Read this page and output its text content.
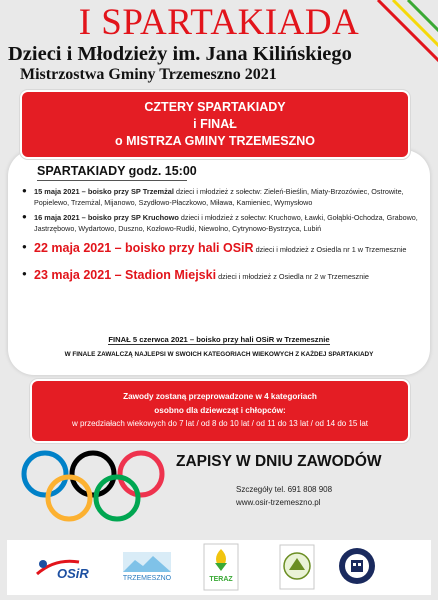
I SPARTAKIADA
Dzieci i Młodzieży im. Jana Kilińskiego
Mistrzostwa Gminy Trzemeszno 2021
CZTERY SPARTAKIADY
i FINAŁ
o MISTRZA GMINY TRZEMESZNO
SPARTAKIADY godz. 15:00
● 15 maja 2021 – boisko przy SP Trzemżal dzieci i młodzież z sołectw: Zieleń-Bieślin, Miaty-Brzozówiec, Ostrowite, Popielewo, Trzemżal, Mijanowo, Szydłowo-Płaczkowo, Miława, Kamieniec, Wymysłowo
● 16 maja 2021 – boisko przy SP Kruchowo dzieci i młodzież z sołectw: Kruchowo, Ławki, Gołąbki-Ochodza, Grabowo, Jastrzębowo, Wydartowo, Duszno, Kozłowo-Rudki, Niewolno, Cytrynowo-Bystrzyca, Lubiń
● 22 maja 2021 – boisko przy hali OSiR dzieci i młodzież z Osiedla nr 1 w Trzemesznie
● 23 maja 2021 – Stadion Miejski dzieci i młodzież z Osiedla nr 2 w Trzemesznie
FINAŁ 5 czerwca 2021 – boisko przy hali OSiR w Trzemesznie
W FINALE ZAWALCZĄ NAJLEPSI W SWOICH KATEGORIACH WIEKOWYCH Z KAŻDEJ SPARTAKIADY
Zawody zostaną przeprowadzone w 4 kategoriach
osobno dla dziewcząt i chłopców:
w przedziałach wiekowych do 7 lat / od 8 do 10 lat / od 11 do 13 lat / od 14 do 15 lat
ZAPISY W DNIU ZAWODÓW
Szczegóły tel. 691 808 908
www.osir-trzemeszno.pl
OSiR	TRZEMESZNO	TERAZ
